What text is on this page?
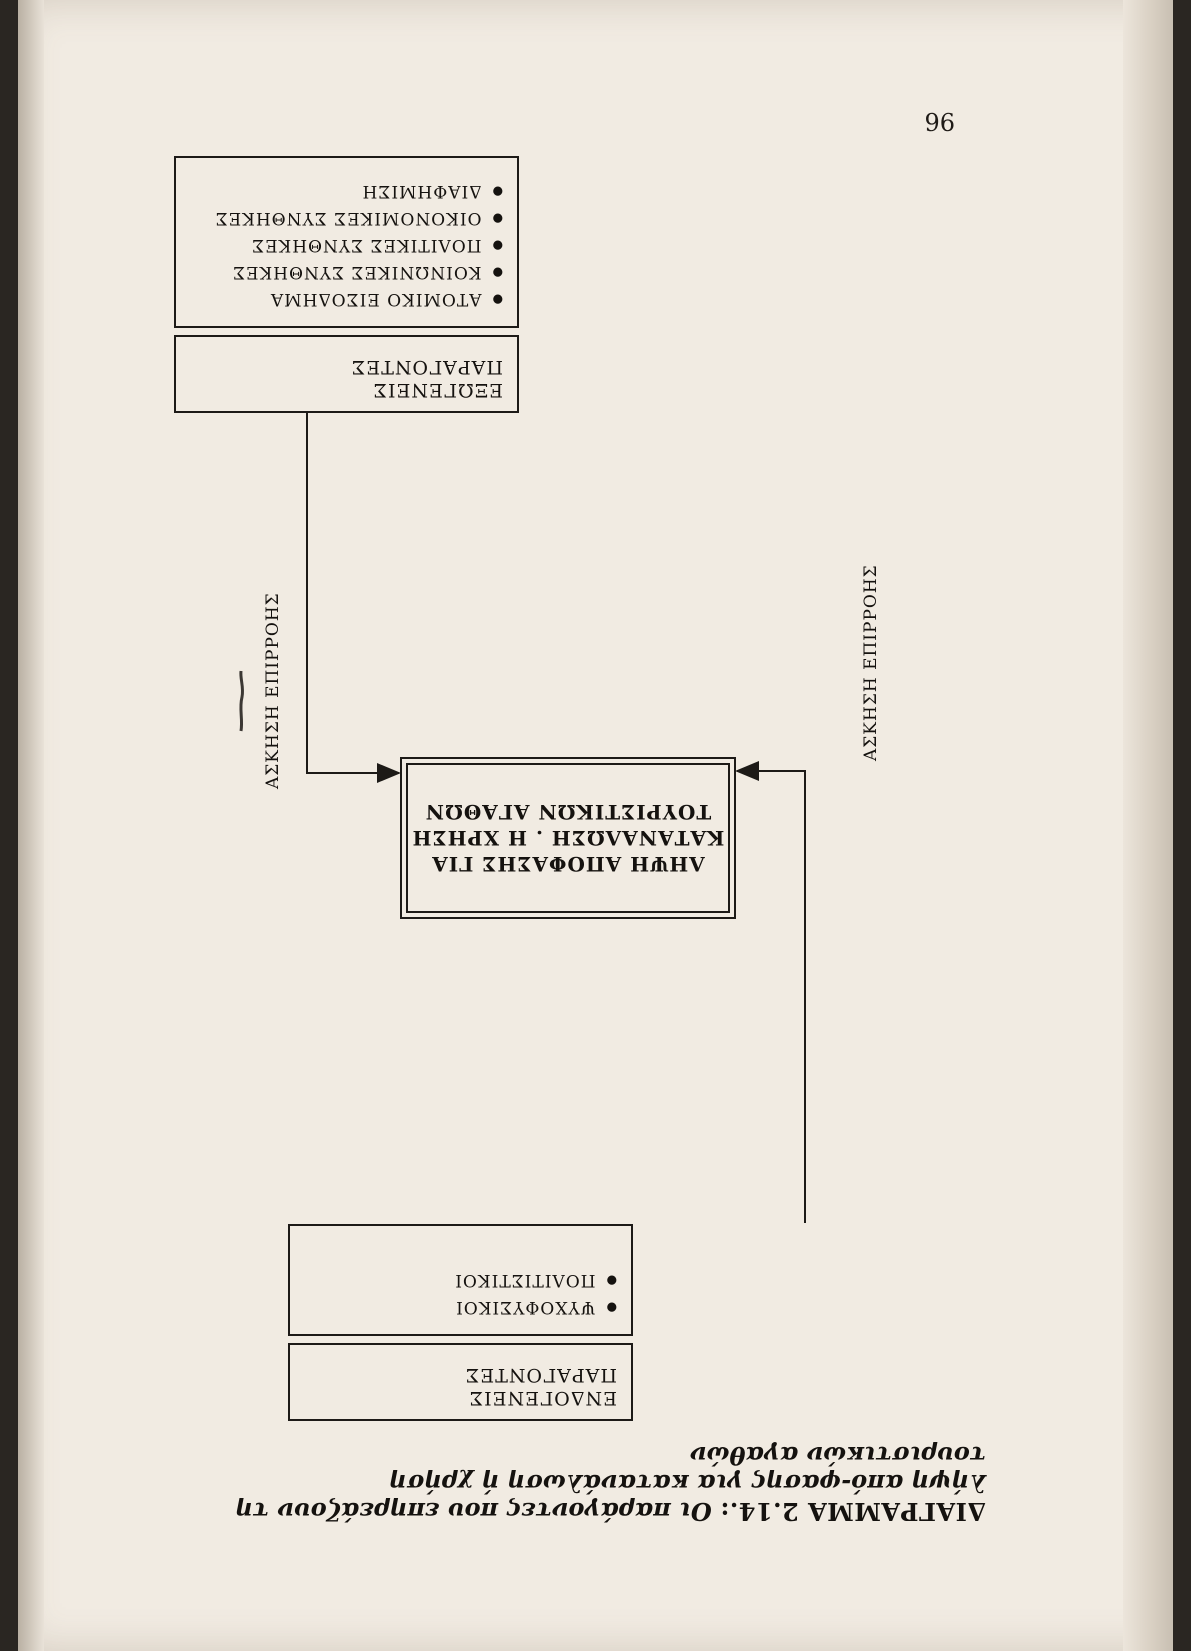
96
ΔΙΑΓΡΑΜΜΑ 2.14.: Οι παράγοντες που επηρεάζουν τη λήψη από-φασης για κατανάλωση ή χρήση τουριστικών αγαθών
ΕΝΔΟΓΕΝΕΙΣ
ΠΑΡΑΓΟΝΤΕΣ
● ΨΥΧΟΦΥΣΙΚΟΙ
● ΠΟΛΙΤΙΣΤΙΚΟΙ
ΕΞΩΓΕΝΕΙΣ
ΠΑΡΑΓΟΝΤΕΣ
● ΑΤΟΜΙΚΟ ΕΙΣΟΔΗΜΑ
● ΚΟΙΝΩΝΙΚΕΣ ΣΥΝΘΗΚΕΣ
● ΠΟΛΙΤΙΚΕΣ ΣΥΝΘΗΚΕΣ
● ΟΙΚΟΝΟΜΙΚΕΣ ΣΥΝΘΗΚΕΣ
● ΔΙΑΦΗΜΙΣΗ
ΛΗΨΗ ΑΠΟΦΑΣΗΣ ΓΙΑ
ΚΑΤΑΝΑΛΩΣΗ . Η ΧΡΗΣΗ
ΤΟΥΡΙΣΤΙΚΩΝ ΑΓΑΘΩΝ
ΑΣΚΗΣΗ ΕΠΙΡΡΟΗΣ
ΑΣΚΗΣΗ ΕΠΙΡΡΟΗΣ
